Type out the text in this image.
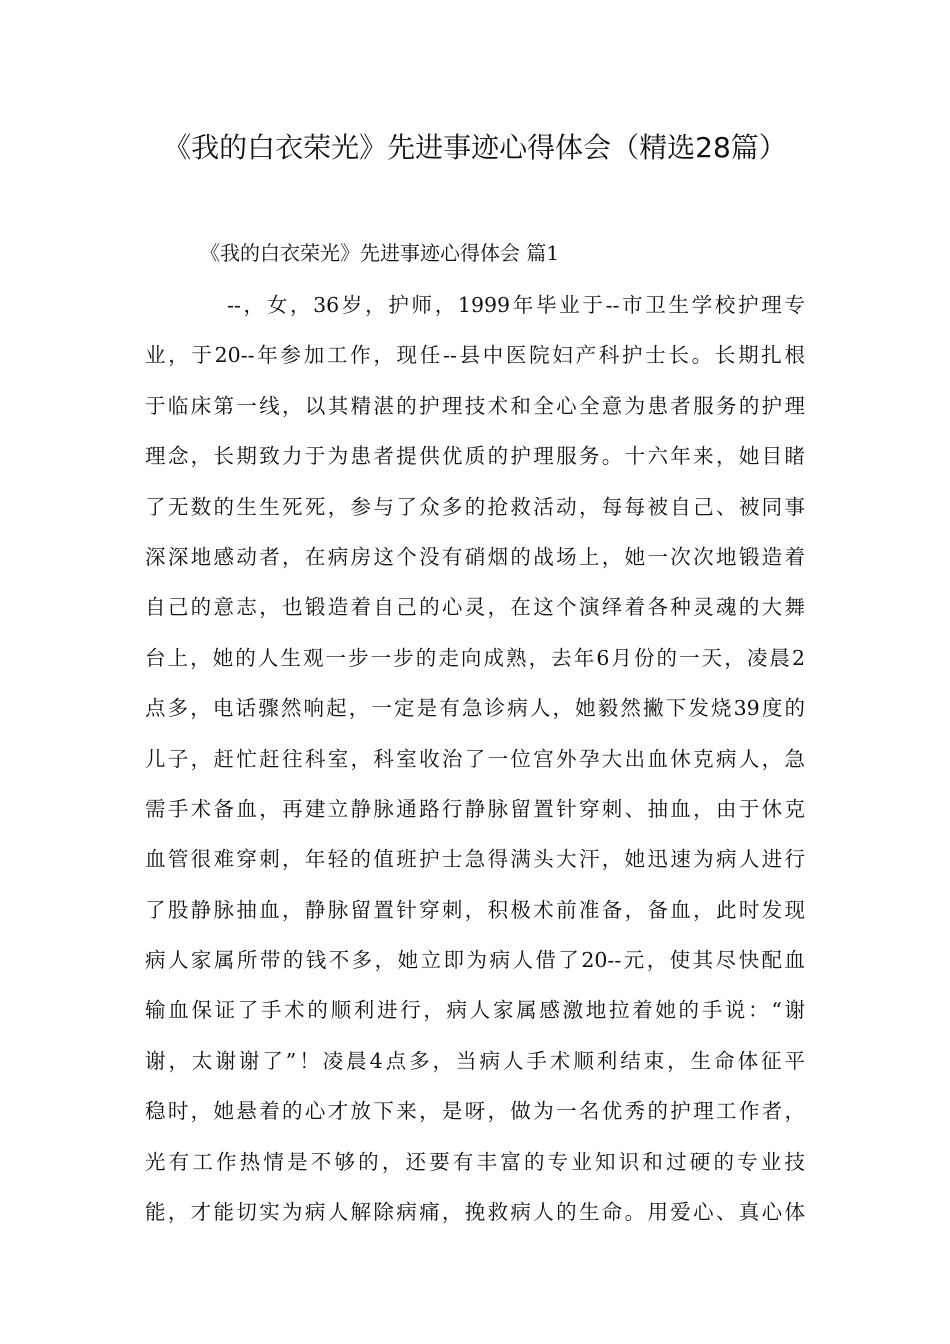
《我的白衣荣光》先进事迹心得体会（精选28篇）
《我的白衣荣光》先进事迹心得体会 篇1
--，女，36岁，护师，1999年毕业于--市卫生学校护理专
业，于20--年参加工作，现任--县中医院妇产科护士长。长期扎根
于临床第一线，以其精湛的护理技术和全心全意为患者服务的护理
理念，长期致力于为患者提供优质的护理服务。十六年来，她目睹
了无数的生生死死，参与了众多的抢救活动，每每被自己、被同事
深深地感动者，在病房这个没有硝烟的战场上，她一次次地锻造着
自己的意志，也锻造着自己的心灵，在这个演绎着各种灵魂的大舞
台上，她的人生观一步一步的走向成熟，去年6月份的一天，凌晨2
点多，电话骤然响起，一定是有急诊病人，她毅然撇下发烧39度的
儿子，赶忙赶往科室，科室收治了一位宫外孕大出血休克病人，急
需手术备血，再建立静脉通路行静脉留置针穿刺、抽血，由于休克
血管很难穿刺，年轻的值班护士急得满头大汗，她迅速为病人进行
了股静脉抽血，静脉留置针穿刺，积极术前准备，备血，此时发现
病人家属所带的钱不多，她立即为病人借了20--元，使其尽快配血
输血保证了手术的顺利进行，病人家属感激地拉着她的手说：“谢
谢，太谢谢了”！凌晨4点多，当病人手术顺利结束，生命体征平
稳时，她悬着的心才放下来，是呀，做为一名优秀的护理工作者，
光有工作热情是不够的，还要有丰富的专业知识和过硬的专业技
能，才能切实为病人解除病痛，挽救病人的生命。用爱心、真心体
